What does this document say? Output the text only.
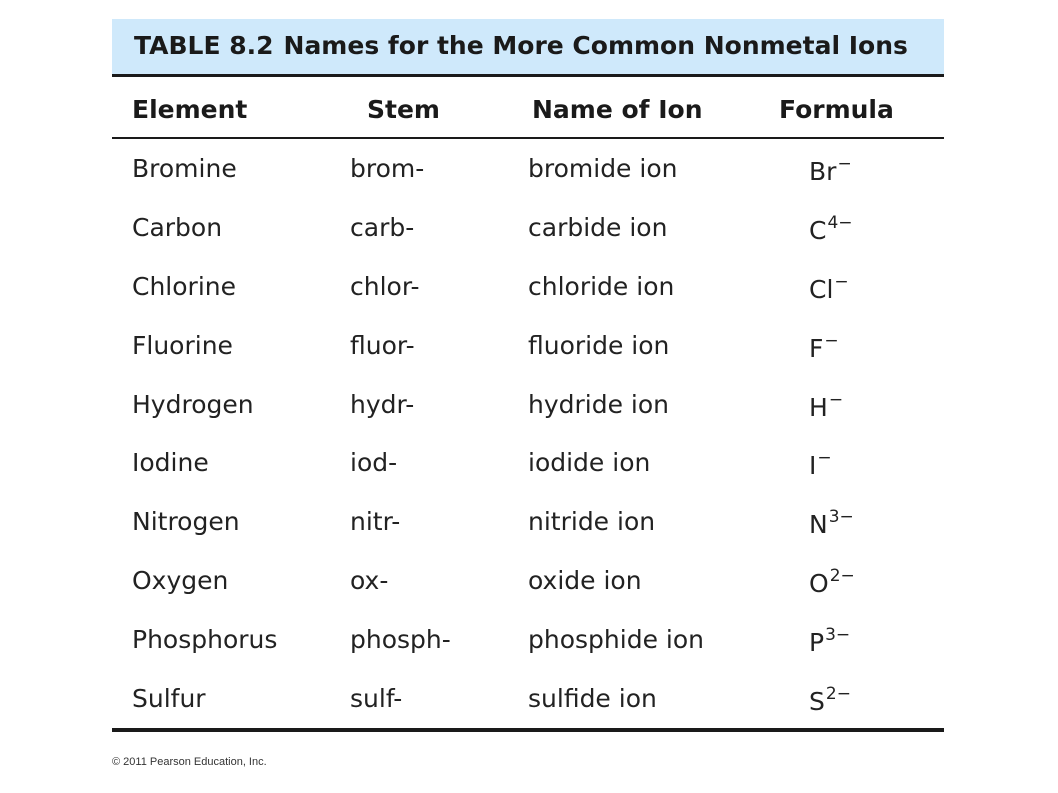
TABLE 8.2 Names for the More Common Nonmetal Ions
Element	Stem	Name of Ion	Formula
Bromine	brom-	bromide ion	Br−
Carbon	carb-	carbide ion	$C^{4-}$
Chlorine	chlor-	chloride ion	Cl−
Fluorine	fluor-	fluoride ion	F−
Hydrogen	hydr-	hydride ion	H−
Iodine	iod-	iodide ion	I−
Nitrogen	nitr-	nitride ion	$N^{3-}$
Oxygen	ox-	oxide ion	$O^{2-}$
Phosphorus	phosph-	phosphide ion	$P^{3-}$
Sulfur	sulf-	sulfide ion	$S^{2-}$
© 2011 Pearson Education, Inc.
